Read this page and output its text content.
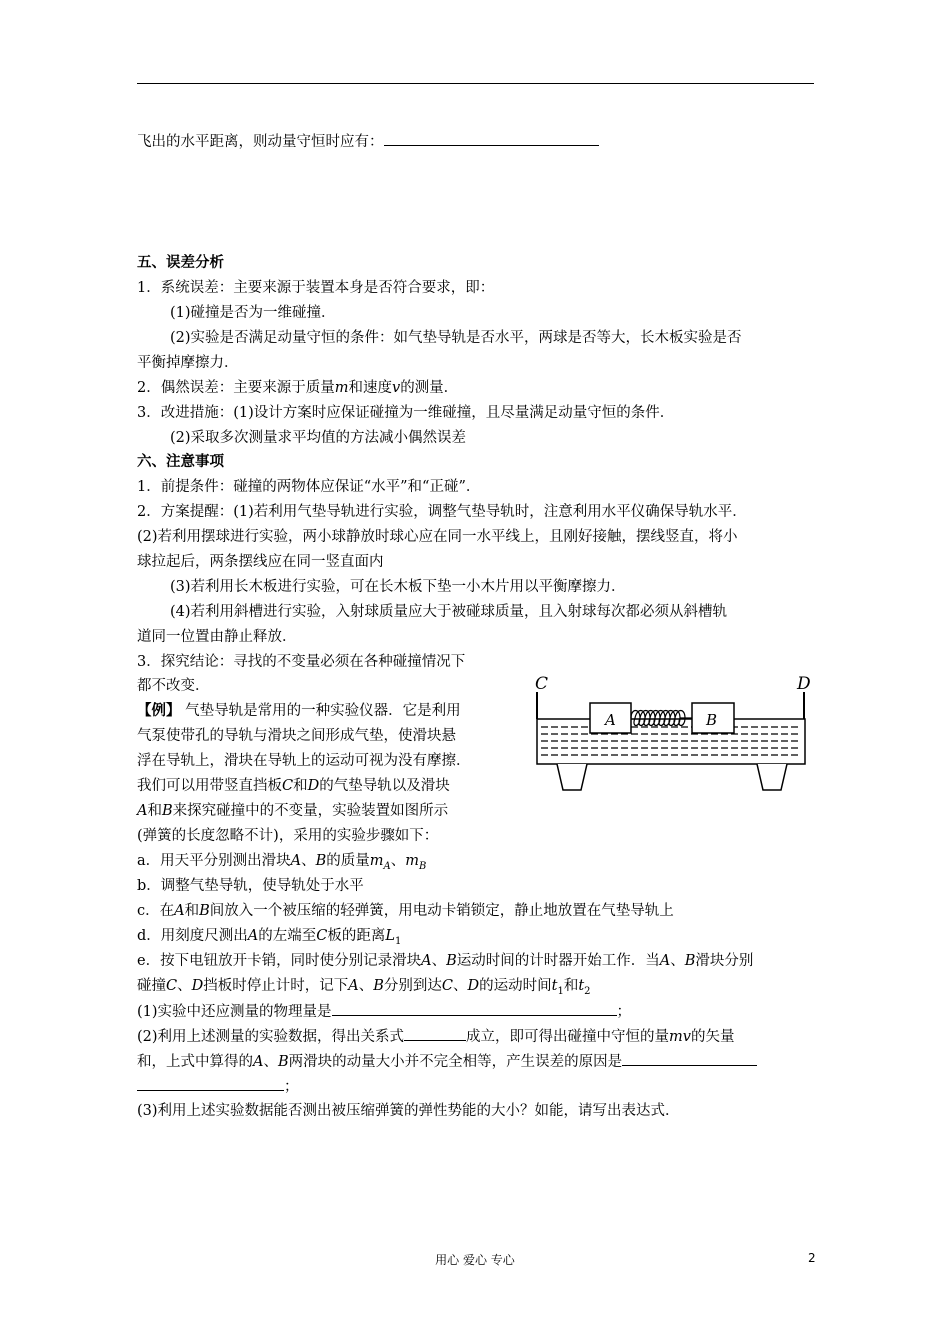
飞出的水平距离，则动量守恒时应有：
五、误差分析
1．系统误差：主要来源于装置本身是否符合要求，即：
(1)碰撞是否为一维碰撞．
(2)实验是否满足动量守恒的条件：如气垫导轨是否水平，两球是否等大，长木板实验是否
平衡掉摩擦力．
2．偶然误差：主要来源于质量m和速度v的测量．
3．改进措施：(1)设计方案时应保证碰撞为一维碰撞，且尽量满足动量守恒的条件．
(2)采取多次测量求平均值的方法减小偶然误差
六、注意事项
1．前提条件：碰撞的两物体应保证“水平”和“正碰”．
2．方案提醒：(1)若利用气垫导轨进行实验，调整气垫导轨时，注意利用水平仪确保导轨水平．
(2)若利用摆球进行实验，两小球静放时球心应在同一水平线上，且刚好接触，摆线竖直，将小
球拉起后，两条摆线应在同一竖直面内
(3)若利用长木板进行实验，可在长木板下垫一小木片用以平衡摩擦力．
(4)若利用斜槽进行实验，入射球质量应大于被碰球质量，且入射球每次都必须从斜槽轨
道同一位置由静止释放．
3．探究结论：寻找的不变量必须在各种碰撞情况下
都不改变．
【例】 气垫导轨是常用的一种实验仪器．它是利用
气泵使带孔的导轨与滑块之间形成气垫，使滑块悬
浮在导轨上，滑块在导轨上的运动可视为没有摩擦．
我们可以用带竖直挡板C和D的气垫导轨以及滑块
A和B来探究碰撞中的不变量，实验装置如图所示
(弹簧的长度忽略不计)，采用的实验步骤如下：
a．用天平分别测出滑块A、B的质量$m_A$、$m_B$
b．调整气垫导轨，使导轨处于水平
c．在A和B间放入一个被压缩的轻弹簧，用电动卡销锁定，静止地放置在气垫导轨上
d．用刻度尺测出A的左端至C板的距离$L_1$
e．按下电钮放开卡销，同时使分别记录滑块A、B运动时间的计时器开始工作．当A、B滑块分别
碰撞C、D挡板时停止计时，记下A、B分别到达C、D的运动时间$t_1$和$t_2$
(1)实验中还应测量的物理量是	；
(2)利用上述测量的实验数据，得出关系式	成立，即可得出碰撞中守恒的量mv的矢量
和，上式中算得的A、B两滑块的动量大小并不完全相等，产生误差的原因是
；
(3)利用上述实验数据能否测出被压缩弹簧的弹性势能的大小？如能，请写出表达式．
C	D
A	B
用心 爱心 专心	2
